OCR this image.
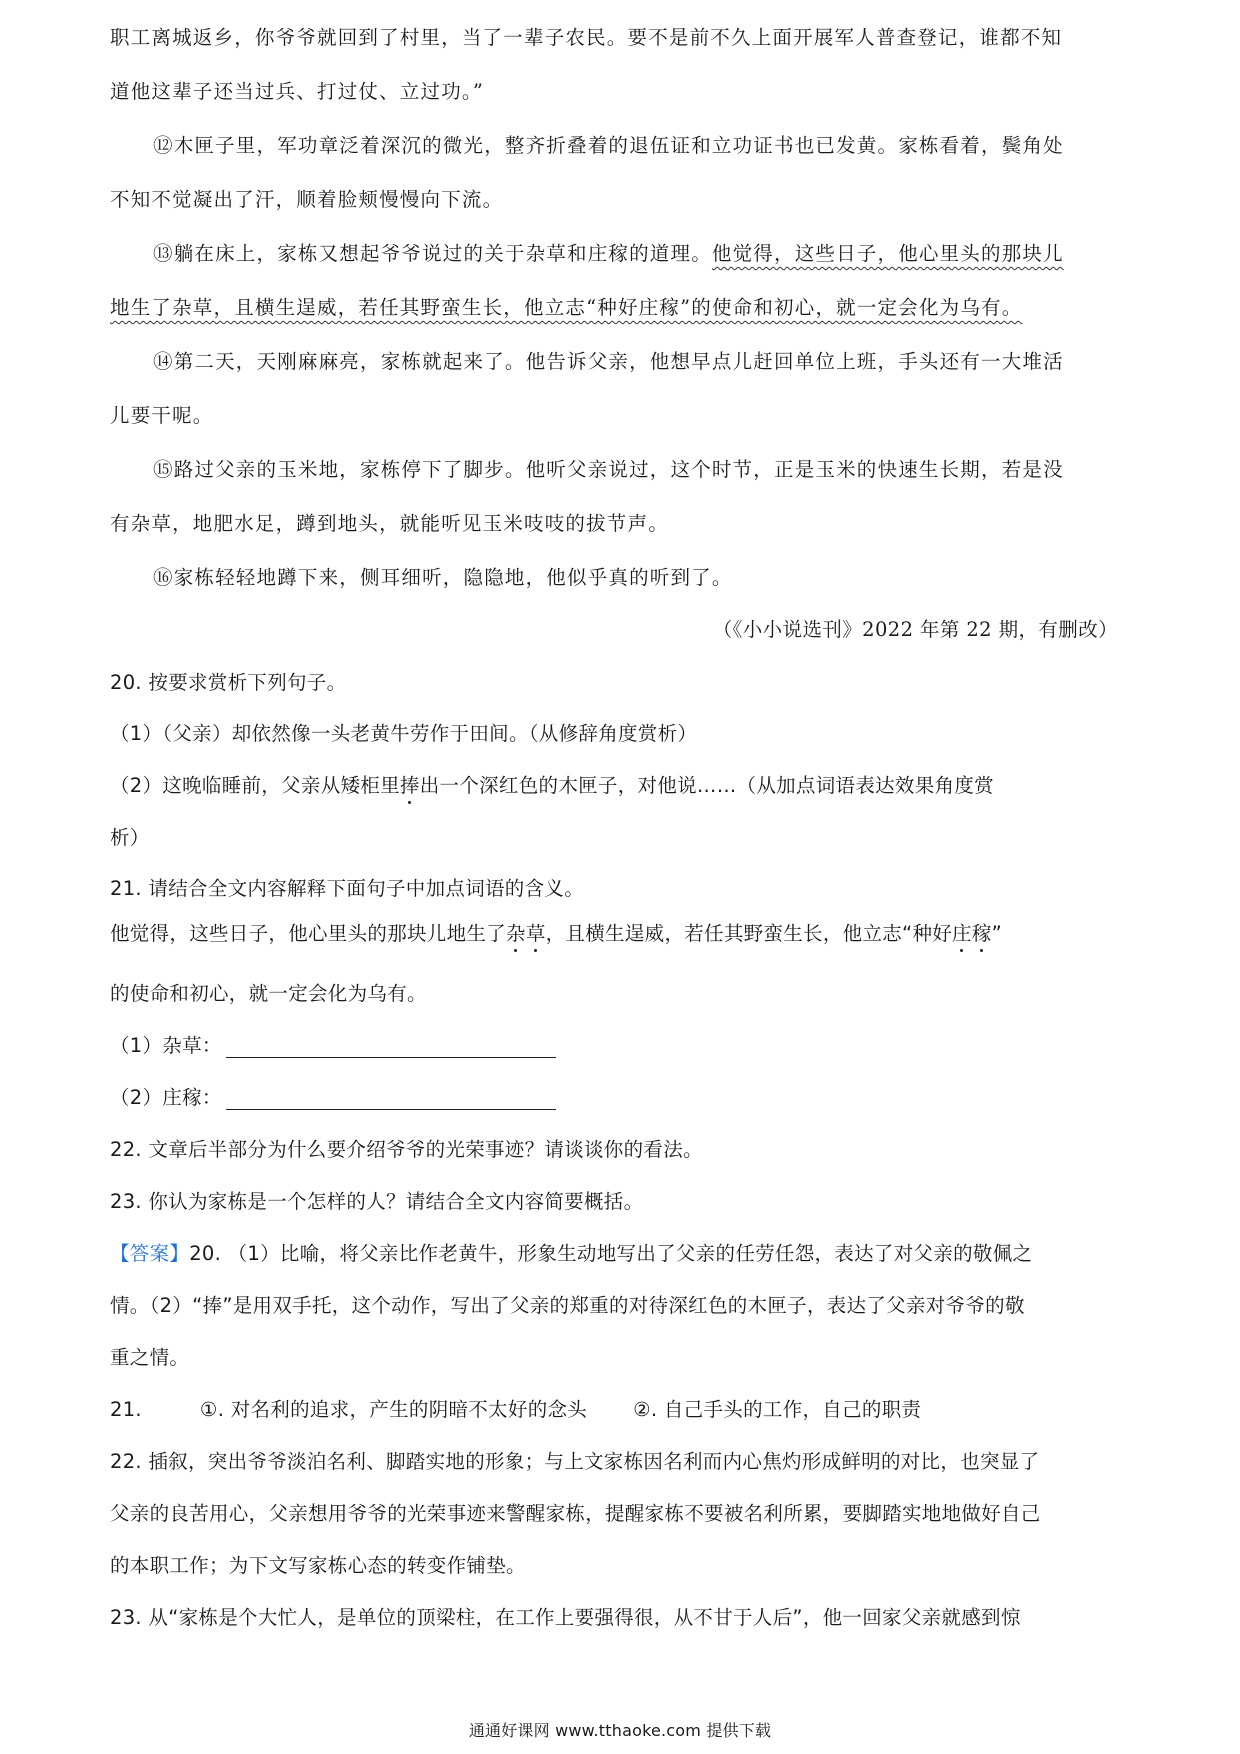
职工离城返乡，你爷爷就回到了村里，当了一辈子农民。要不是前不久上面开展军人普查登记，谁都不知
道他这辈子还当过兵、打过仗、立过功。”
⑫木匣子里，军功章泛着深沉的微光，整齐折叠着的退伍证和立功证书也已发黄。家栋看着，鬓角处
不知不觉凝出了汗，顺着脸颊慢慢向下流。
⑬躺在床上，家栋又想起爷爷说过的关于杂草和庄稼的道理。他觉得，这些日子，他心里头的那块儿
地生了杂草，且横生逞威，若任其野蛮生长，他立志“种好庄稼”的使命和初心，就一定会化为乌有。
⑭第二天，天刚麻麻亮，家栋就起来了。他告诉父亲，他想早点儿赶回单位上班，手头还有一大堆活
儿要干呢。
⑮路过父亲的玉米地，家栋停下了脚步。他听父亲说过，这个时节，正是玉米的快速生长期，若是没
有杂草，地肥水足，蹲到地头，就能听见玉米吱吱的拔节声。
⑯家栋轻轻地蹲下来，侧耳细听，隐隐地，他似乎真的听到了。
（《小小说选刊》2022 年第 22 期，有删改）
20. 按要求赏析下列句子。
（1）（父亲）却依然像一头老黄牛劳作于田间。（从修辞角度赏析）
（2）这晚临睡前，父亲从矮柜里捧出一个深红色的木匣子，对他说……（从加点词语表达效果角度赏
析）
21. 请结合全文内容解释下面句子中加点词语的含义。
他觉得，这些日子，他心里头的那块儿地生了杂草，且横生逞威，若任其野蛮生长，他立志“种好庄稼”
的使命和初心，就一定会化为乌有。
（1）杂草：
（2）庄稼：
22. 文章后半部分为什么要介绍爷爷的光荣事迹？请谈谈你的看法。
23. 你认为家栋是一个怎样的人？请结合全文内容简要概括。
【答案】20. （1）比喻，将父亲比作老黄牛，形象生动地写出了父亲的任劳任怨，表达了对父亲的敬佩之
情。（2）“捧”是用双手托，这个动作，写出了父亲的郑重的对待深红色的木匣子，表达了父亲对爷爷的敬
重之情。
21.	①. 对名利的追求，产生的阴暗不太好的念头 ②. 自己手头的工作，自己的职责
22. 插叙，突出爷爷淡泊名利、脚踏实地的形象；与上文家栋因名利而内心焦灼形成鲜明的对比，也突显了
父亲的良苦用心，父亲想用爷爷的光荣事迹来警醒家栋，提醒家栋不要被名利所累，要脚踏实地地做好自己
的本职工作；为下文写家栋心态的转变作铺垫。
23. 从“家栋是个大忙人，是单位的顶梁柱，在工作上要强得很，从不甘于人后”，他一回家父亲就感到惊
通通好课网 www.tthaoke.com 提供下载
